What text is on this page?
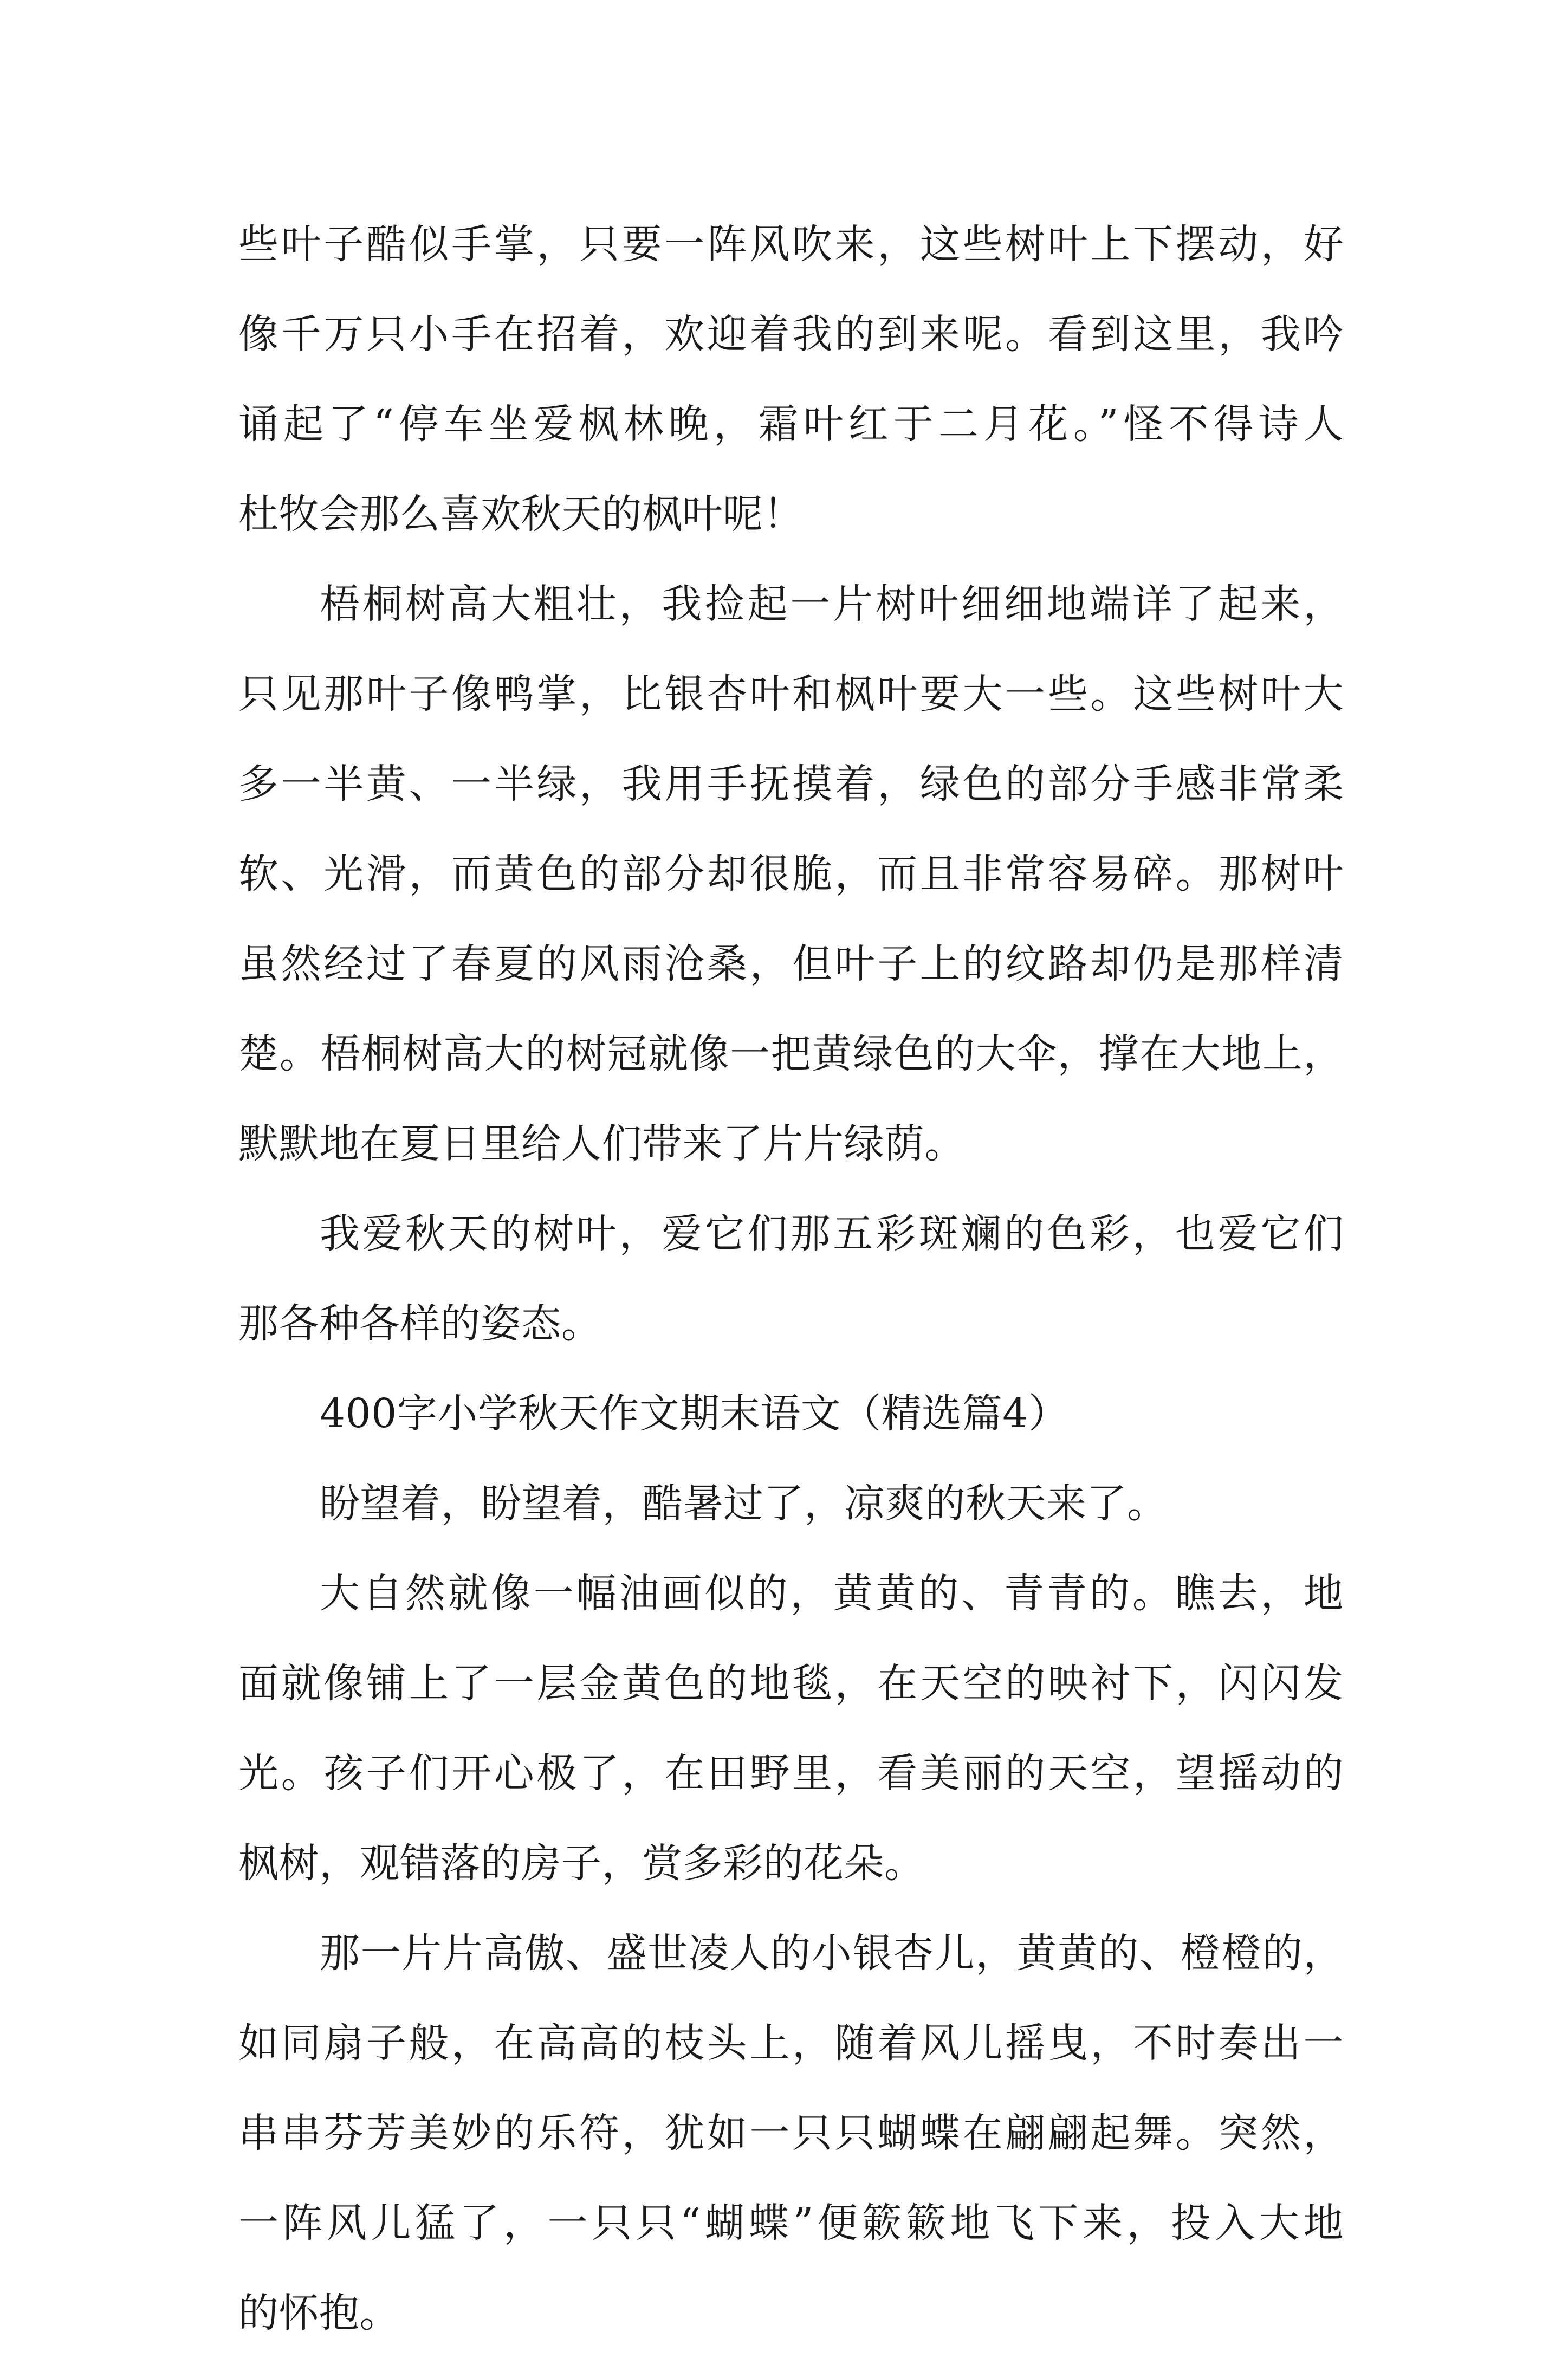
些叶子酷似手掌，只要一阵风吹来，这些树叶上下摆动，好
像千万只小手在招着，欢迎着我的到来呢。看到这里，我吟
诵起了“停车坐爱枫林晚，霜叶红于二月花。”怪不得诗人
杜牧会那么喜欢秋天的枫叶呢！
梧桐树高大粗壮，我捡起一片树叶细细地端详了起来，
只见那叶子像鸭掌，比银杏叶和枫叶要大一些。这些树叶大
多一半黄、一半绿，我用手抚摸着，绿色的部分手感非常柔
软、光滑，而黄色的部分却很脆，而且非常容易碎。那树叶
虽然经过了春夏的风雨沧桑，但叶子上的纹路却仍是那样清
楚。梧桐树高大的树冠就像一把黄绿色的大伞，撑在大地上，
默默地在夏日里给人们带来了片片绿荫。
我爱秋天的树叶，爱它们那五彩斑斓的色彩，也爱它们
那各种各样的姿态。
400字小学秋天作文期末语文（精选篇4）
盼望着，盼望着，酷暑过了，凉爽的秋天来了。
大自然就像一幅油画似的，黄黄的、青青的。瞧去，地
面就像铺上了一层金黄色的地毯，在天空的映衬下，闪闪发
光。孩子们开心极了，在田野里，看美丽的天空，望摇动的
枫树，观错落的房子，赏多彩的花朵。
那一片片高傲、盛世凌人的小银杏儿，黄黄的、橙橙的，
如同扇子般，在高高的枝头上，随着风儿摇曳，不时奏出一
串串芬芳美妙的乐符，犹如一只只蝴蝶在翩翩起舞。突然，
一阵风儿猛了，一只只“蝴蝶”便簌簌地飞下来，投入大地
的怀抱。
